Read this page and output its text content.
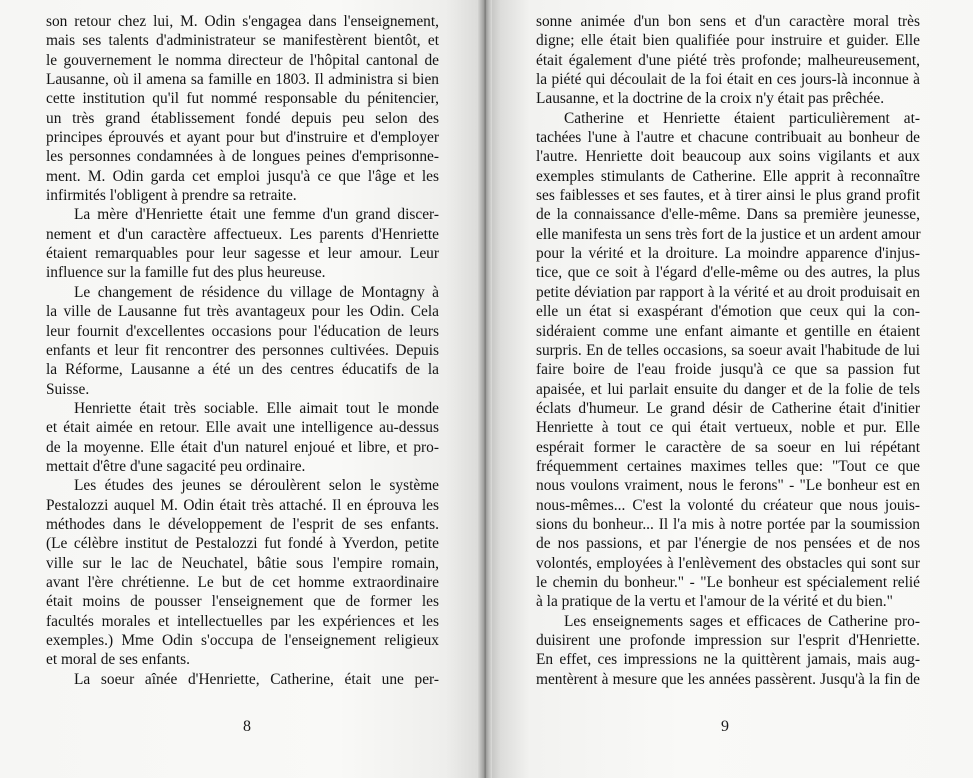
son retour chez lui, M. Odin s'engagea dans l'enseignement,
mais ses talents d'administrateur se manifestèrent bientôt, et
le gouvernement le nomma directeur de l'hôpital cantonal de
Lausanne, où il amena sa famille en 1803. Il administra si bien
cette institution qu'il fut nommé responsable du pénitencier,
un très grand établissement fondé depuis peu selon des
principes éprouvés et ayant pour but d'instruire et d'employer
les personnes condamnées à de longues peines d'emprisonne-
ment. M. Odin garda cet emploi jusqu'à ce que l'âge et les
infirmités l'obligent à prendre sa retraite.
La mère d'Henriette était une femme d'un grand discer-
nement et d'un caractère affectueux. Les parents d'Henriette
étaient remarquables pour leur sagesse et leur amour. Leur
influence sur la famille fut des plus heureuse.
Le changement de résidence du village de Montagny à
la ville de Lausanne fut très avantageux pour les Odin. Cela
leur fournit d'excellentes occasions pour l'éducation de leurs
enfants et leur fit rencontrer des personnes cultivées. Depuis
la Réforme, Lausanne a été un des centres éducatifs de la
Suisse.
Henriette était très sociable. Elle aimait tout le monde
et était aimée en retour. Elle avait une intelligence au-dessus
de la moyenne. Elle était d'un naturel enjoué et libre, et pro-
mettait d'être d'une sagacité peu ordinaire.
Les études des jeunes se déroulèrent selon le système
Pestalozzi auquel M. Odin était très attaché. Il en éprouva les
méthodes dans le développement de l'esprit de ses enfants.
(Le célèbre institut de Pestalozzi fut fondé à Yverdon, petite
ville sur le lac de Neuchatel, bâtie sous l'empire romain,
avant l'ère chrétienne. Le but de cet homme extraordinaire
était moins de pousser l'enseignement que de former les
facultés morales et intellectuelles par les expériences et les
exemples.) Mme Odin s'occupa de l'enseignement religieux
et moral de ses enfants.
La soeur aînée d'Henriette, Catherine, était une per-
8
sonne animée d'un bon sens et d'un caractère moral très
digne; elle était bien qualifiée pour instruire et guider. Elle
était également d'une piété très profonde; malheureusement,
la piété qui découlait de la foi était en ces jours-là inconnue à
Lausanne, et la doctrine de la croix n'y était pas prêchée.
Catherine et Henriette étaient particulièrement at-
tachées l'une à l'autre et chacune contribuait au bonheur de
l'autre. Henriette doit beaucoup aux soins vigilants et aux
exemples stimulants de Catherine. Elle apprit à reconnaître
ses faiblesses et ses fautes, et à tirer ainsi le plus grand profit
de la connaissance d'elle-même. Dans sa première jeunesse,
elle manifesta un sens très fort de la justice et un ardent amour
pour la vérité et la droiture. La moindre apparence d'injus-
tice, que ce soit à l'égard d'elle-même ou des autres, la plus
petite déviation par rapport à la vérité et au droit produisait en
elle un état si exaspérant d'émotion que ceux qui la con-
sidéraient comme une enfant aimante et gentille en étaient
surpris. En de telles occasions, sa soeur avait l'habitude de lui
faire boire de l'eau froide jusqu'à ce que sa passion fut
apaisée, et lui parlait ensuite du danger et de la folie de tels
éclats d'humeur. Le grand désir de Catherine était d'initier
Henriette à tout ce qui était vertueux, noble et pur. Elle
espérait former le caractère de sa soeur en lui répétant
fréquemment certaines maximes telles que: "Tout ce que
nous voulons vraiment, nous le ferons" - "Le bonheur est en
nous-mêmes... C'est la volonté du créateur que nous jouis-
sions du bonheur... Il l'a mis à notre portée par la soumission
de nos passions, et par l'énergie de nos pensées et de nos
volontés, employées à l'enlèvement des obstacles qui sont sur
le chemin du bonheur." - "Le bonheur est spécialement relié
à la pratique de la vertu et l'amour de la vérité et du bien."
Les enseignements sages et efficaces de Catherine pro-
duisirent une profonde impression sur l'esprit d'Henriette.
En effet, ces impressions ne la quittèrent jamais, mais aug-
mentèrent à mesure que les années passèrent. Jusqu'à la fin de
9
